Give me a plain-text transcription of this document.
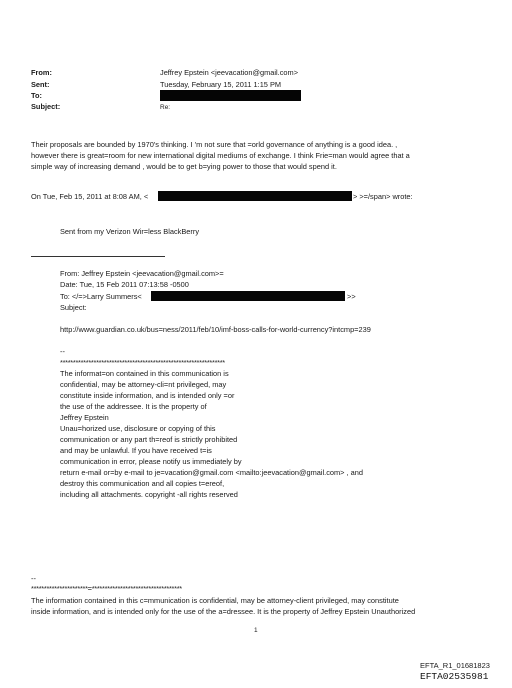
From:	Jeffrey Epstein <jeevacation@gmail.com>
Sent:	Tuesday, February 15, 2011 1:15 PM
To:
Subject:	Re:
Their proposals are bounded by 1970's thinking. I 'm not sure that =orld governance of anything is a good idea. ,
however there is great=room for new international digital mediums of exchange. I think Frie=man would agree that a
simple way of increasing demand , would be to get b=ying power to those that would spend it.
On Tue, Feb 15, 2011 at 8:08 AM, <	> >=/span> wrote:
Sent from my Verizon Wir=less BlackBerry
From: Jeffrey Epstein <jeevacation@gmail.com>=
Date: Tue, 15 Feb 2011 07:13:58 -0500
To: </=>Larry Summers<	>>
Subject:
http://www.guardian.co.uk/bus=ness/2011/feb/10/imf-boss-calls-for-world-currency?intcmp=239
--
****************************************************************
The informat=on contained in this communication is
confidential, may be attorney-cli=nt privileged, may
constitute inside information, and is intended only =or
the use of the addressee. It is the property of
Jeffrey Epstein
Unau=horized use, disclosure or copying of this
communication or any part th=reof is strictly prohibited
and may be unlawful. If you have received t=is
communication in error, please notify us immediately by
return e-mail or=by e-mail to je=vacation@gmail.com <mailto:jeevacation@gmail.com> , and
destroy this communication and all copies t=ereof,
including all attachments. copyright -all rights reserved
--
**********************=***********************************
The information contained in this c=mmunication is confidential, may be attorney-client privileged, may constitute
inside information, and is intended only for the use of the a=dressee. It is the property of Jeffrey Epstein Unauthorized
1
EFTA_R1_01681823
EFTA02535981
